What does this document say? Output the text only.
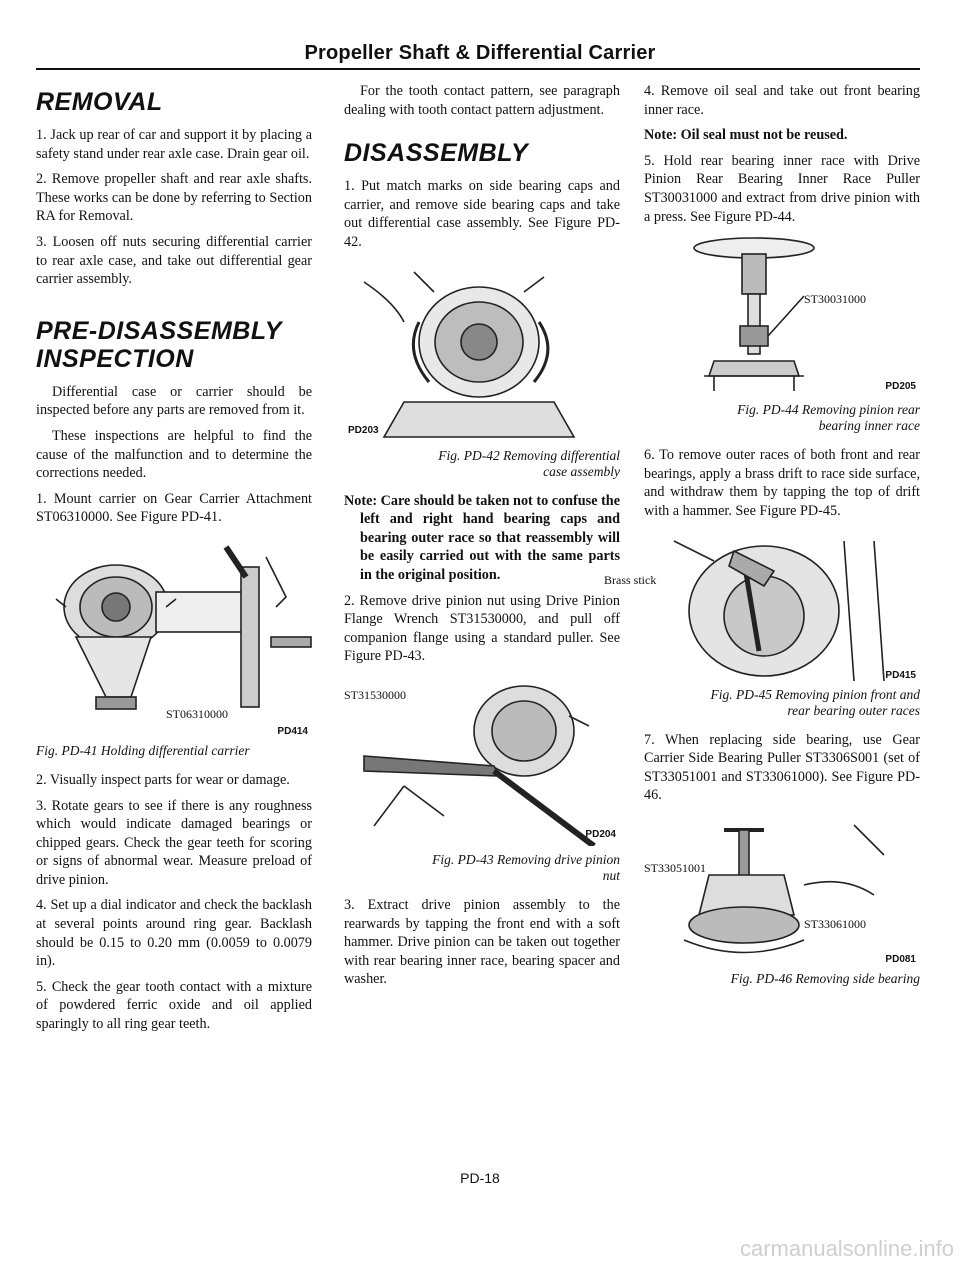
Propeller Shaft & Differential Carrier
REMOVAL

1. Jack up rear of car and support it by placing a safety stand under rear axle case. Drain gear oil.

2. Remove propeller shaft and rear axle shafts. These works can be done by referring to Section RA for Removal.

3. Loosen off nuts securing differential carrier to rear axle case, and take out differential gear carrier assembly.

PRE-DISASSEMBLY
INSPECTION

Differential case or carrier should be inspected before any parts are removed from it.

These inspections are helpful to find the cause of the malfunction and to determine the corrections needed.

1. Mount carrier on Gear Carrier Attachment ST06310000. See Figure PD-41.

ST06310000
PD414
Fig. PD-41 Holding differential carrier

2. Visually inspect parts for wear or damage.

3. Rotate gears to see if there is any roughness which would indicate damaged bearings or chipped gears. Check the gear teeth for scoring or signs of abnormal wear. Measure preload of drive pinion.

4. Set up a dial indicator and check the backlash at several points around ring gear. Backlash should be 0.15 to 0.20 mm (0.0059 to 0.0079 in).

5. Check the gear tooth contact with a mixture of powdered ferric oxide and oil applied sparingly to all ring gear teeth.

For the tooth contact pattern, see paragraph dealing with tooth contact pattern adjustment.

DISASSEMBLY

1. Put match marks on side bearing caps and carrier, and remove side bearing caps and take out differential case assembly. See Figure PD-42.

PD203
Fig. PD-42 Removing differential
case assembly

Note: Care should be taken not to confuse the left and right hand bearing caps and bearing outer race so that reassembly will be easily carried out with the same parts in the original position.

2. Remove drive pinion nut using Drive Pinion Flange Wrench ST31530000, and pull off companion flange using a standard puller. See Figure PD-43.

ST31530000
PD204
Fig. PD-43 Removing drive pinion
nut

3. Extract drive pinion assembly to the rearwards by tapping the front end with a soft hammer. Drive pinion can be taken out together with rear bearing inner race, bearing spacer and washer.

4. Remove oil seal and take out front bearing inner race.

Note: Oil seal must not be reused.

5. Hold rear bearing inner race with Drive Pinion Rear Bearing Inner Race Puller ST30031000 and extract from drive pinion with a press. See Figure PD-44.

ST30031000
PD205
Fig. PD-44 Removing pinion rear
bearing inner race

6. To remove outer races of both front and rear bearings, apply a brass drift to race side surface, and withdraw them by tapping the top of drift with a hammer. See Figure PD-45.

Brass stick
PD415
Fig. PD-45 Removing pinion front and
rear bearing outer races

7. When replacing side bearing, use Gear Carrier Side Bearing Puller ST3306S001 (set of ST33051001 and ST33061000). See Figure PD-46.

ST33051001
ST33061000
PD081
Fig. PD-46 Removing side bearing
PD-18
carmanualsonline.info
